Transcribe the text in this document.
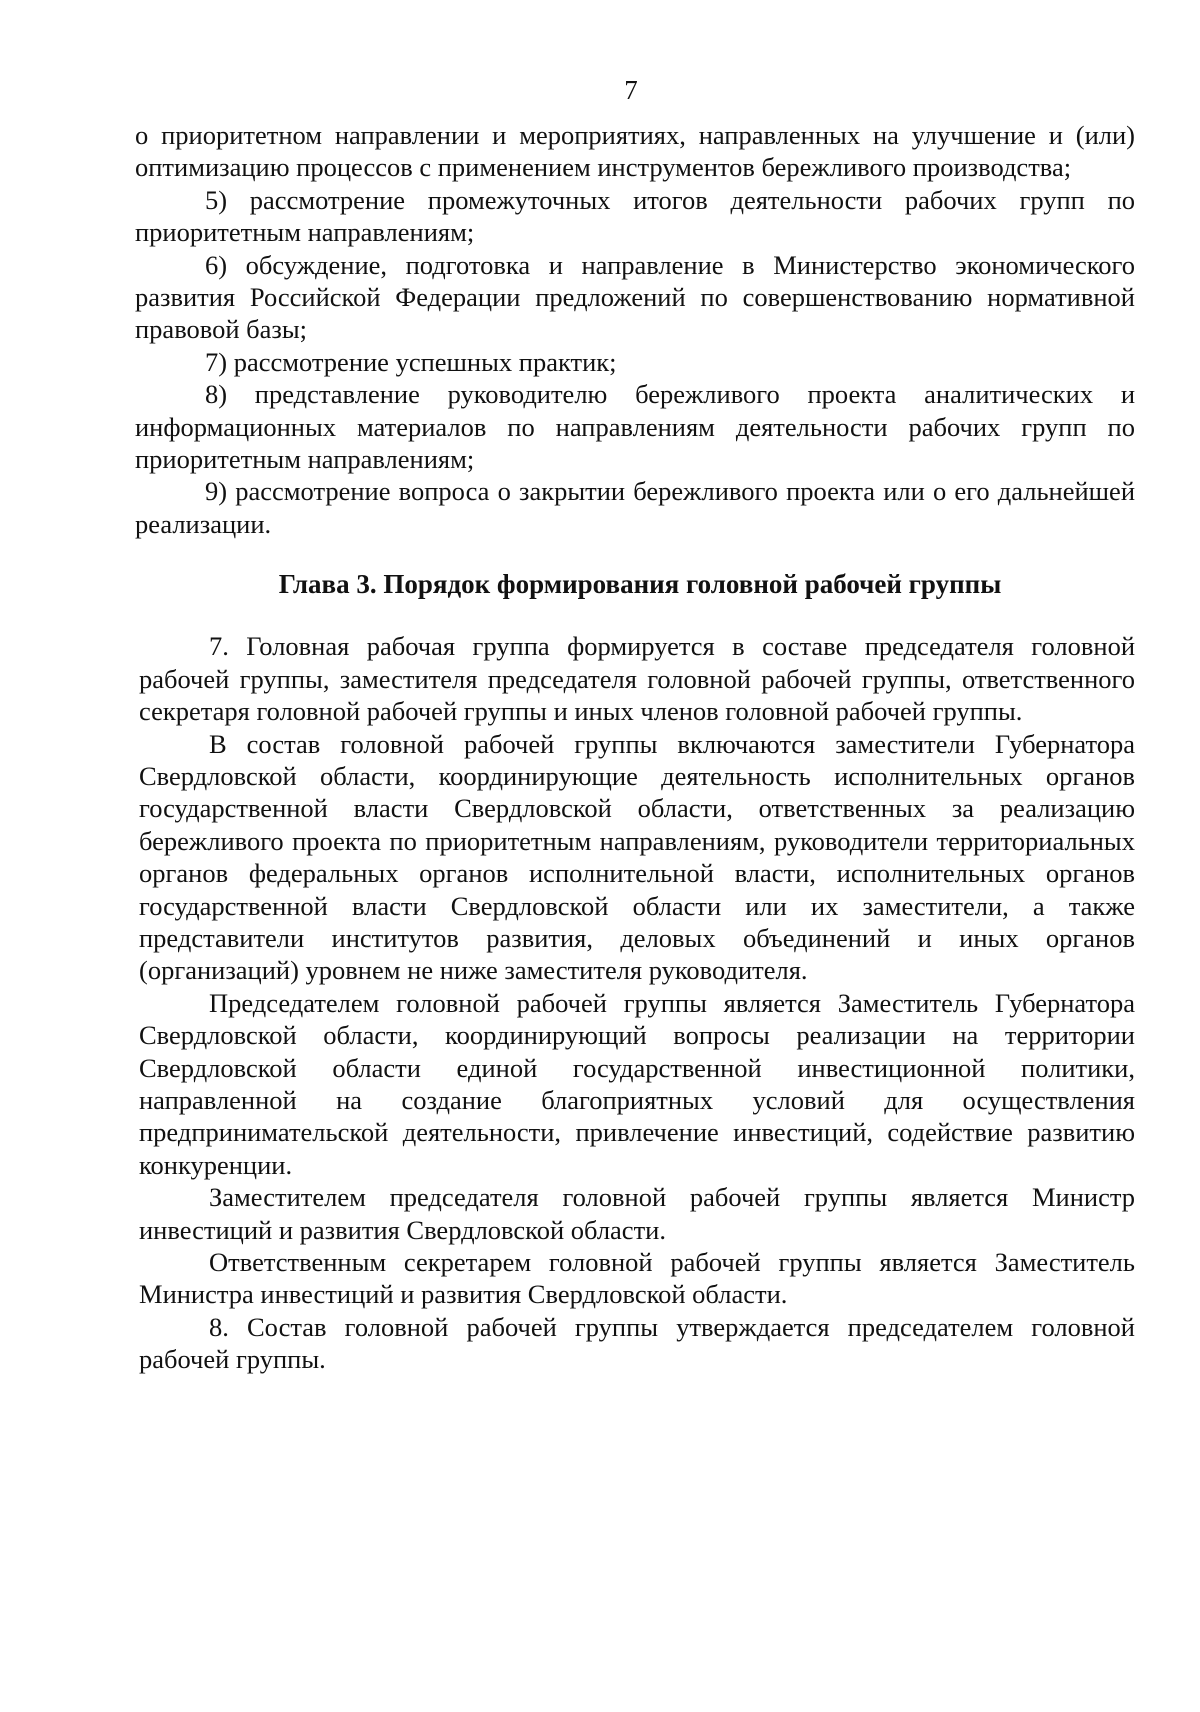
7

о приоритетном направлении и мероприятиях, направленных на улучшение и (или) оптимизацию процессов с применением инструментов бережливого производства;

5) рассмотрение промежуточных итогов деятельности рабочих групп по приоритетным направлениям;

6) обсуждение, подготовка и направление в Министерство экономического развития Российской Федерации предложений по совершенствованию нормативной правовой базы;

7) рассмотрение успешных практик;

8) представление руководителю бережливого проекта аналитических и информационных материалов по направлениям деятельности рабочих групп по приоритетным направлениям;

9) рассмотрение вопроса о закрытии бережливого проекта или о его дальнейшей реализации.

Глава 3. Порядок формирования головной рабочей группы

7. Головная рабочая группа формируется в составе председателя головной рабочей группы, заместителя председателя головной рабочей группы, ответственного секретаря головной рабочей группы и иных членов головной рабочей группы.

В состав головной рабочей группы включаются заместители Губернатора Свердловской области, координирующие деятельность исполнительных органов государственной власти Свердловской области, ответственных за реализацию бережливого проекта по приоритетным направлениям, руководители территориальных органов федеральных органов исполнительной власти, исполнительных органов государственной власти Свердловской области или их заместители, а также представители институтов развития, деловых объединений и иных органов (организаций) уровнем не ниже заместителя руководителя.

Председателем головной рабочей группы является Заместитель Губернатора Свердловской области, координирующий вопросы реализации на территории Свердловской области единой государственной инвестиционной политики, направленной на создание благоприятных условий для осуществления предпринимательской деятельности, привлечение инвестиций, содействие развитию конкуренции.

Заместителем председателя головной рабочей группы является Министр инвестиций и развития Свердловской области.

Ответственным секретарем головной рабочей группы является Заместитель Министра инвестиций и развития Свердловской области.

8. Состав головной рабочей группы утверждается председателем головной рабочей группы.
